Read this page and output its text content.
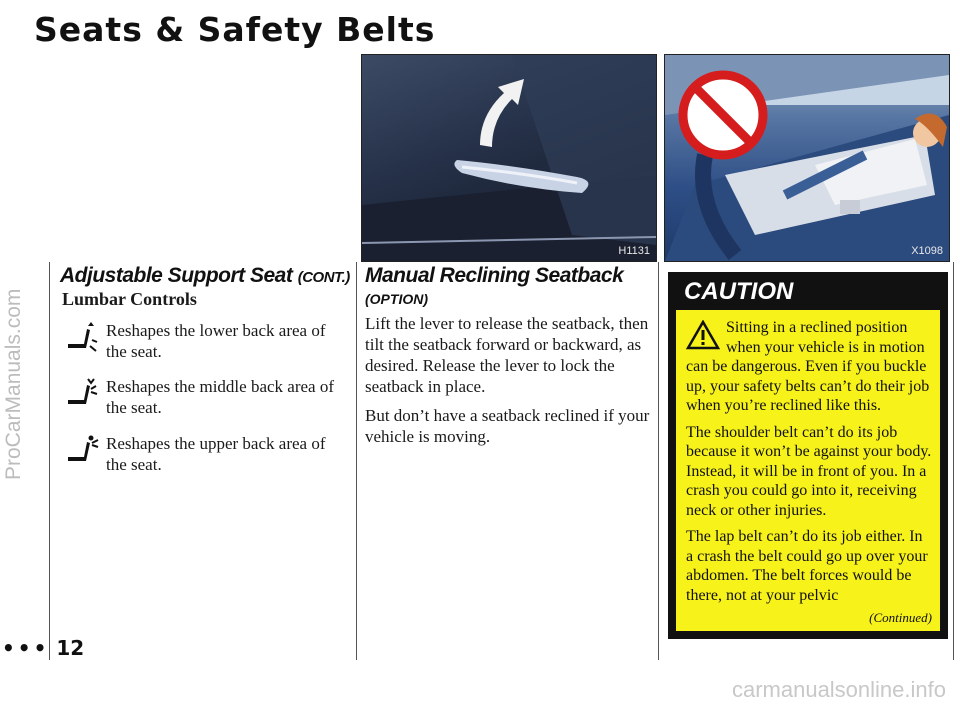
Seats & Safety Belts
ProCarManuals.com
carmanualsonline.info
H1131	X1098
Adjustable Support Seat (CONT.)
Lumbar Controls
Reshapes the lower back area of the seat.
Reshapes the middle back area of the seat.
Reshapes the upper back area of the seat.
Manual Reclining Seatback
(OPTION)

Lift the lever to release the seatback, then tilt the seatback forward or backward, as desired. Release the lever to lock the seatback in place.

But don’t have a seatback reclined if your vehicle is moving.

CAUTION

Sitting in a reclined position when your vehicle is in motion can be dangerous. Even if you buckle up, your safety belts can’t do their job when you’re reclined like this.

The shoulder belt can’t do its job because it won’t be against your body. Instead, it will be in front of you. In a crash you could go into it, receiving neck or other injuries.

The lap belt can’t do its job either. In a crash the belt could go up over your abdomen. The belt forces would be there, not at your pelvic

(Continued)
••• 12
